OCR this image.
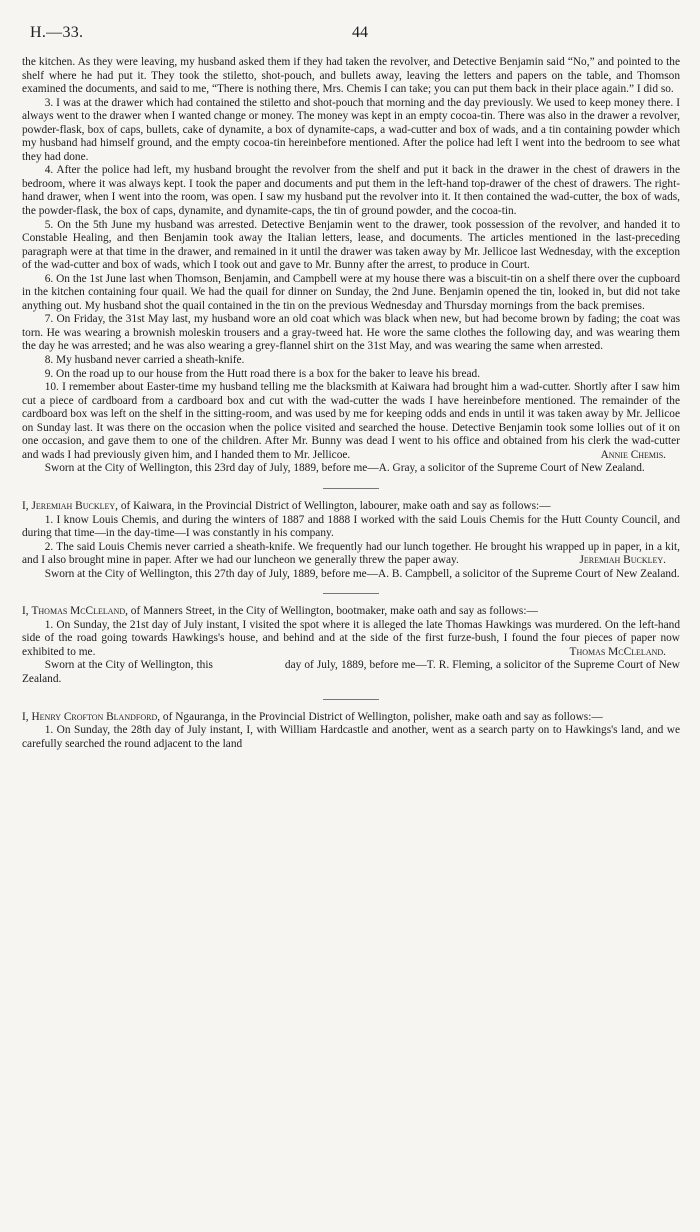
H.—33.	44

the kitchen. As they were leaving, my husband asked them if they had taken the revolver, and Detective Benjamin said “No,” and pointed to the shelf where he had put it. They took the stiletto, shot-pouch, and bullets away, leaving the letters and papers on the table, and Thomson examined the documents, and said to me, “There is nothing there, Mrs. Chemis I can take; you can put them back in their place again.” I did so.

3. I was at the drawer which had contained the stiletto and shot-pouch that morning and the day previously. We used to keep money there. I always went to the drawer when I wanted change or money. The money was kept in an empty cocoa-tin. There was also in the drawer a revolver, powder-flask, box of caps, bullets, cake of dynamite, a box of dynamite-caps, a wad-cutter and box of wads, and a tin containing powder which my husband had himself ground, and the empty cocoa-tin hereinbefore mentioned. After the police had left I went into the bedroom to see what they had done.

4. After the police had left, my husband brought the revolver from the shelf and put it back in the drawer in the chest of drawers in the bedroom, where it was always kept. I took the paper and documents and put them in the left-hand top-drawer of the chest of drawers. The right-hand drawer, when I went into the room, was open. I saw my husband put the revolver into it. It then contained the wad-cutter, the box of wads, the powder-flask, the box of caps, dynamite, and dynamite-caps, the tin of ground powder, and the cocoa-tin.

5. On the 5th June my husband was arrested. Detective Benjamin went to the drawer, took possession of the revolver, and handed it to Constable Healing, and then Benjamin took away the Italian letters, lease, and documents. The articles mentioned in the last-preceding paragraph were at that time in the drawer, and remained in it until the drawer was taken away by Mr. Jellicoe last Wednesday, with the exception of the wad-cutter and box of wads, which I took out and gave to Mr. Bunny after the arrest, to produce in Court.

6. On the 1st June last when Thomson, Benjamin, and Campbell were at my house there was a biscuit-tin on a shelf there over the cupboard in the kitchen containing four quail. We had the quail for dinner on Sunday, the 2nd June. Benjamin opened the tin, looked in, but did not take anything out. My husband shot the quail contained in the tin on the previous Wednesday and Thursday mornings from the back premises.

7. On Friday, the 31st May last, my husband wore an old coat which was black when new, but had become brown by fading; the coat was torn. He was wearing a brownish moleskin trousers and a gray-tweed hat. He wore the same clothes the following day, and was wearing them the day he was arrested; and he was also wearing a grey-flannel shirt on the 31st May, and was wearing the same when arrested.

8. My husband never carried a sheath-knife.

9. On the road up to our house from the Hutt road there is a box for the baker to leave his bread.

10. I remember about Easter-time my husband telling me the blacksmith at Kaiwara had brought him a wad-cutter. Shortly after I saw him cut a piece of cardboard from a cardboard box and cut with the wad-cutter the wads I have hereinbefore mentioned. The remainder of the cardboard box was left on the shelf in the sitting-room, and was used by me for keeping odds and ends in until it was taken away by Mr. Jellicoe on Sunday last. It was there on the occasion when the police visited and searched the house. Detective Benjamin took some lollies out of it on one occasion, and gave them to one of the children. After Mr. Bunny was dead I went to his office and obtained from his clerk the wad-cutter and wads I had previously given him, and I handed them to Mr. Jellicoe.	Annie Chemis.

Sworn at the City of Wellington, this 23rd day of July, 1889, before me—A. Gray, a solicitor of the Supreme Court of New Zealand.

I, Jeremiah Buckley, of Kaiwara, in the Provincial District of Wellington, labourer, make oath and say as follows:—

1. I know Louis Chemis, and during the winters of 1887 and 1888 I worked with the said Louis Chemis for the Hutt County Council, and during that time—in the day-time—I was constantly in his company.

2. The said Louis Chemis never carried a sheath-knife. We frequently had our lunch together. He brought his wrapped up in paper, in a kit, and I also brought mine in paper. After we had our luncheon we generally threw the paper away.	Jeremiah Buckley.

Sworn at the City of Wellington, this 27th day of July, 1889, before me—A. B. Campbell, a solicitor of the Supreme Court of New Zealand.

I, Thomas McCleland, of Manners Street, in the City of Wellington, bootmaker, make oath and say as follows:—

1. On Sunday, the 21st day of July instant, I visited the spot where it is alleged the late Thomas Hawkings was murdered. On the left-hand side of the road going towards Hawkings's house, and behind and at the side of the first furze-bush, I found the four pieces of paper now exhibited to me.	Thomas McCleland.

Sworn at the City of Wellington, this	day of July, 1889, before me—T. R. Fleming, a solicitor of the Supreme Court of New Zealand.

I, Henry Crofton Blandford, of Ngauranga, in the Provincial District of Wellington, polisher, make oath and say as follows:—

1. On Sunday, the 28th day of July instant, I, with William Hardcastle and another, went as a search party on to Hawkings's land, and we carefully searched the round adjacent to the land
